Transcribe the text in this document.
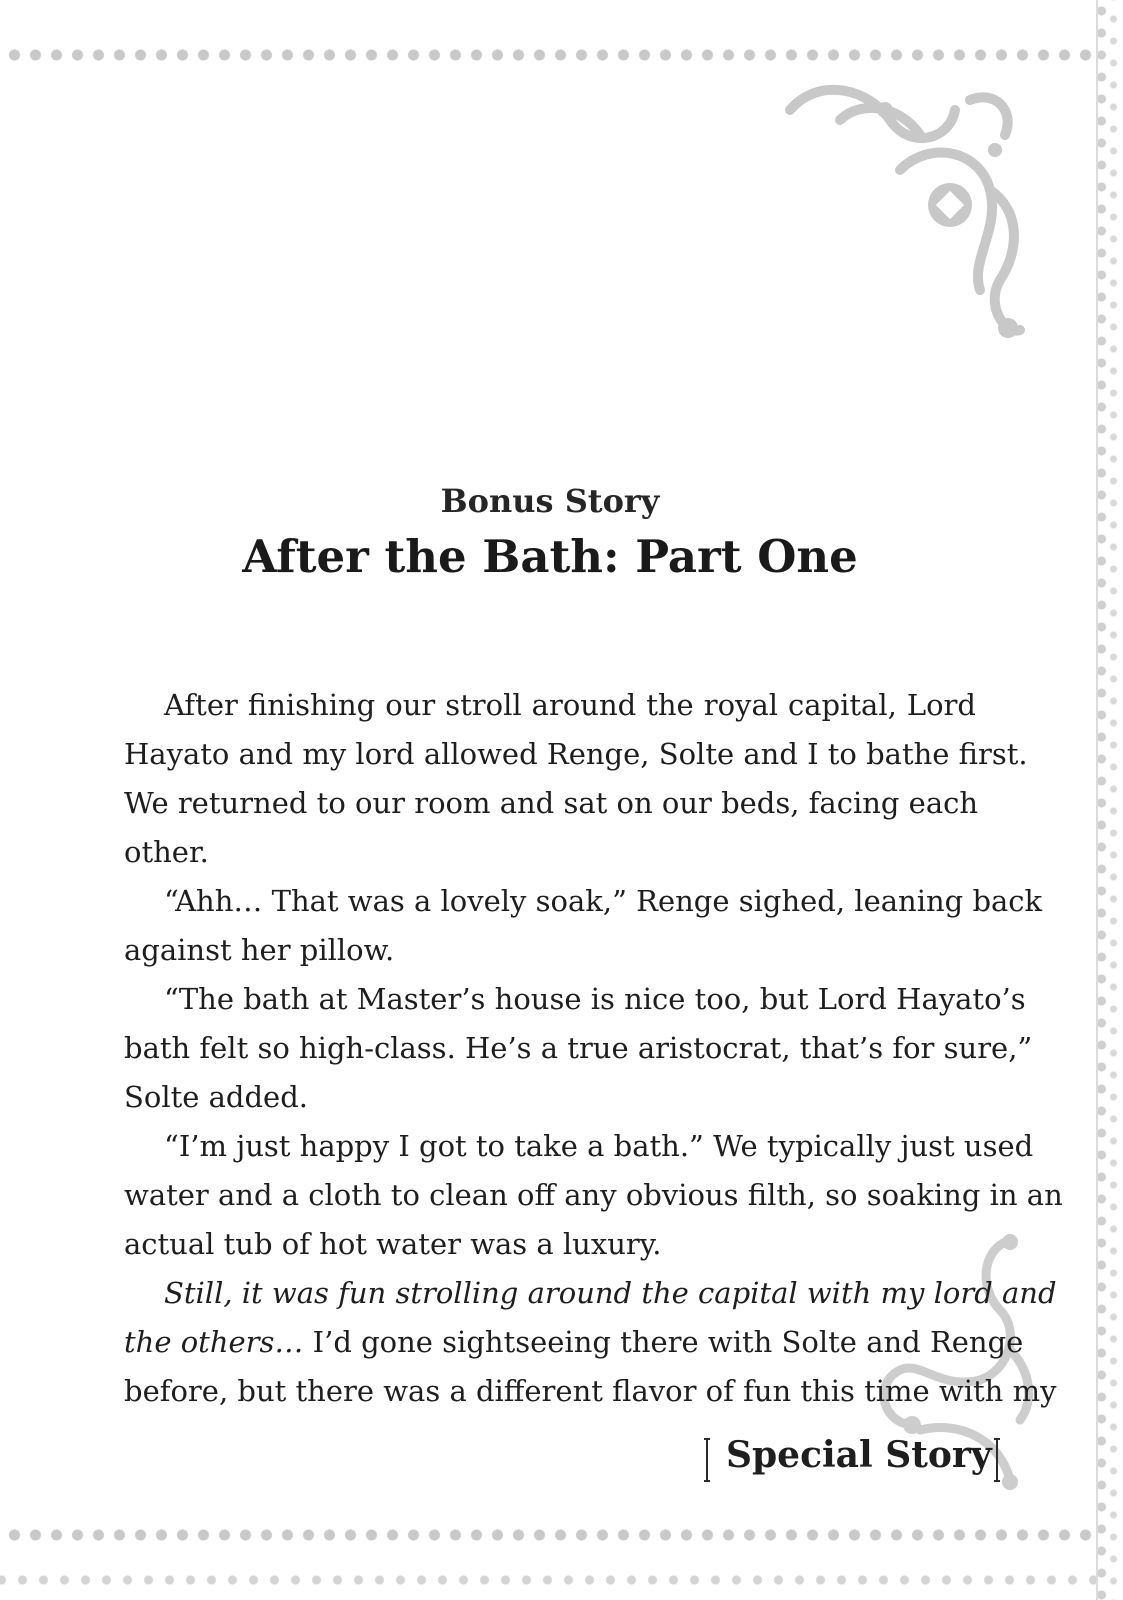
Bonus Story
After the Bath: Part One
After finishing our stroll around the royal capital, Lord
Hayato and my lord allowed Renge, Solte and I to bathe first.
We returned to our room and sat on our beds, facing each
other.
“Ahh… That was a lovely soak,” Renge sighed, leaning back
against her pillow.
“The bath at Master’s house is nice too, but Lord Hayato’s
bath felt so high-class. He’s a true aristocrat, that’s for sure,”
Solte added.
“I’m just happy I got to take a bath.” We typically just used
water and a cloth to clean off any obvious filth, so soaking in an
actual tub of hot water was a luxury.
Still, it was fun strolling around the capital with my lord and
the others… I’d gone sightseeing there with Solte and Renge
before, but there was a different flavor of fun this time with my
Special Story
